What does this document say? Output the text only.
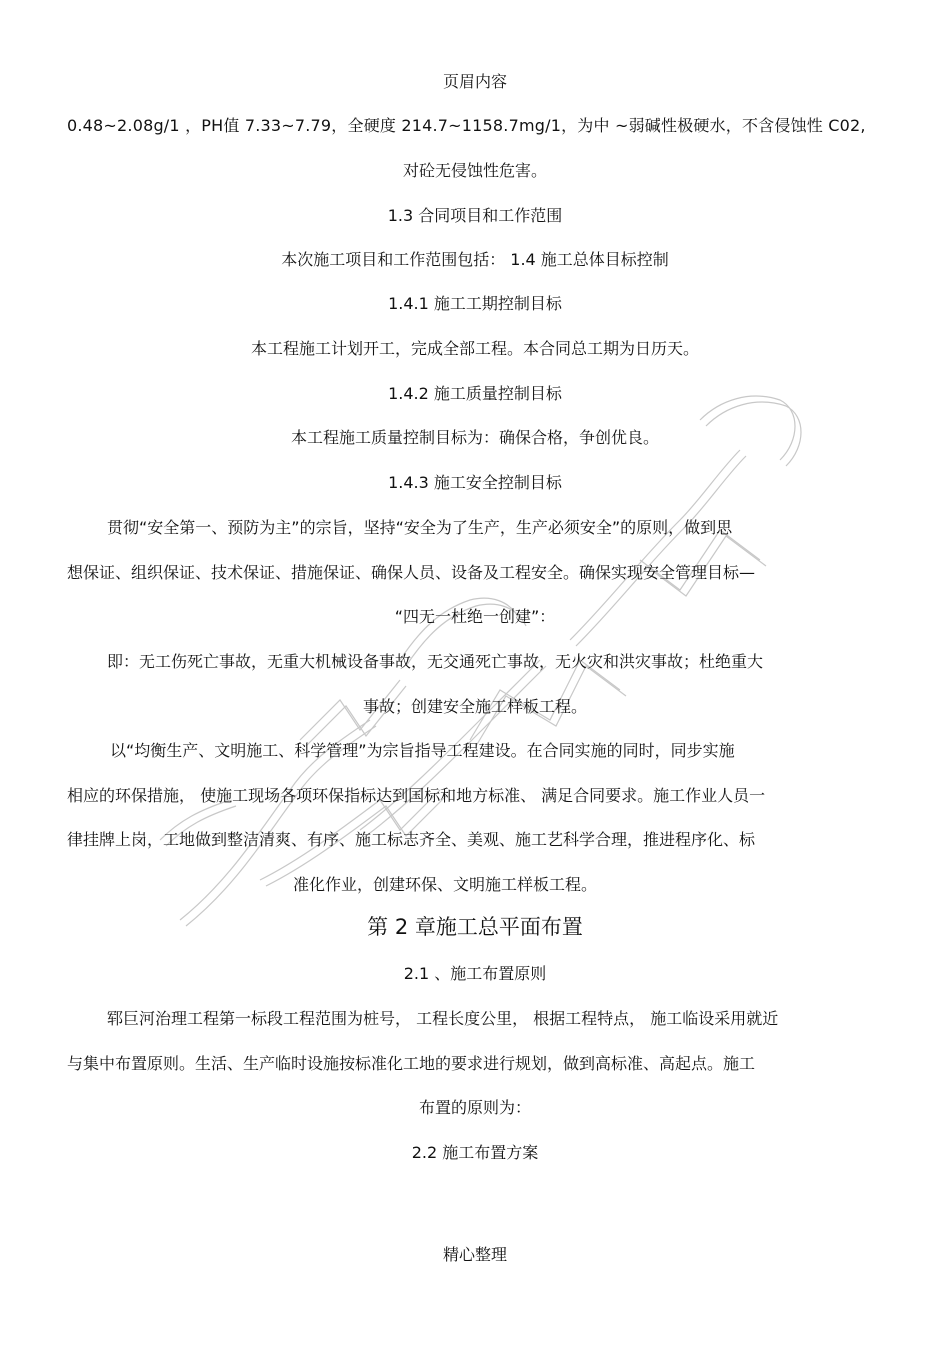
页眉内容
0.48~2.08g/1 ，PH值 7.33~7.79，全硬度 214.7~1158.7mg/1，为中 ~弱碱性极硬水，不含侵蚀性 C02,
对砼无侵蚀性危害。
1.3 合同项目和工作范围
本次施工项目和工作范围包括： 1.4 施工总体目标控制
1.4.1 施工工期控制目标
本工程施工计划开工，完成全部工程。本合同总工期为日历天。
1.4.2 施工质量控制目标
本工程施工质量控制目标为：确保合格，争创优良。
1.4.3 施工安全控制目标
贯彻“安全第一、预防为主”的宗旨，坚持“安全为了生产，生产必须安全”的原则，做到思
想保证、组织保证、技术保证、措施保证、确保人员、设备及工程安全。确保实现安全管理目标—
“四无一杜绝一创建”：
即：无工伤死亡事故，无重大机械设备事故，无交通死亡事故，无火灾和洪灾事故；杜绝重大
事故；创建安全施工样板工程。
以“均衡生产、文明施工、科学管理”为宗旨指导工程建设。在合同实施的同时，同步实施
相应的环保措施， 使施工现场各项环保指标达到国标和地方标准、 满足合同要求。施工作业人员一
律挂牌上岗，工地做到整洁清爽、有序、施工标志齐全、美观、施工艺科学合理，推进程序化、标
准化作业，创建环保、文明施工样板工程。
第 2 章施工总平面布置
2.1 、施工布置原则
郓巨河治理工程第一标段工程范围为桩号， 工程长度公里， 根据工程特点， 施工临设采用就近
与集中布置原则。生活、生产临时设施按标准化工地的要求进行规划，做到高标准、高起点。施工
布置的原则为：
2.2 施工布置方案
精心整理
